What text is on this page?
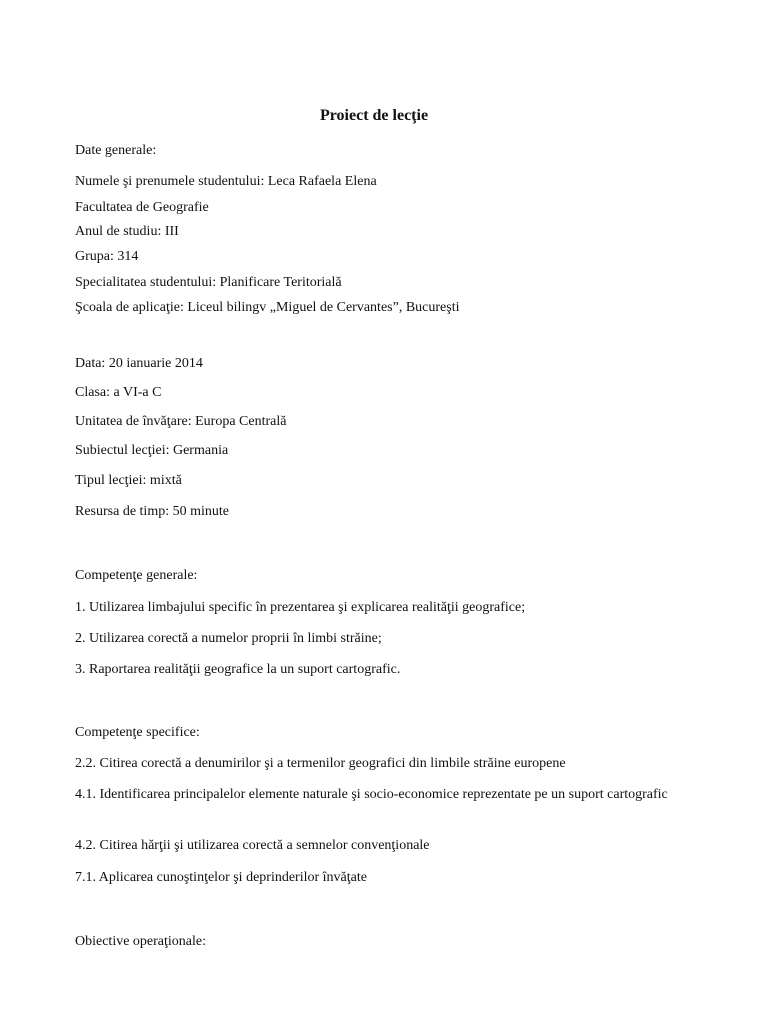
Proiect de lecţie
Date generale:
Numele şi prenumele studentului: Leca Rafaela Elena
Facultatea de Geografie
Anul de studiu: III
Grupa: 314
Specialitatea studentului: Planificare Teritorială
Şcoala de aplicaţie: Liceul bilingv „Miguel de Cervantes”, Bucureşti
Data: 20 ianuarie 2014
Clasa: a VI-a C
Unitatea de învăţare: Europa Centrală
Subiectul lecţiei: Germania
Tipul lecţiei: mixtă
Resursa de timp: 50 minute
Competenţe generale:
1. Utilizarea limbajului specific în prezentarea şi explicarea realităţii geografice;
2. Utilizarea corectă a numelor proprii în limbi străine;
3. Raportarea realităţii geografice la un suport cartografic.
Competenţe specifice:
2.2. Citirea corectă a denumirilor şi a termenilor geografici din limbile străine europene
4.1. Identificarea principalelor elemente naturale şi socio-economice reprezentate pe un suport cartografic
4.2. Citirea hărţii şi utilizarea corectă a semnelor convenţionale
7.1. Aplicarea cunoştinţelor şi deprinderilor învăţate
Obiective operaţionale:
